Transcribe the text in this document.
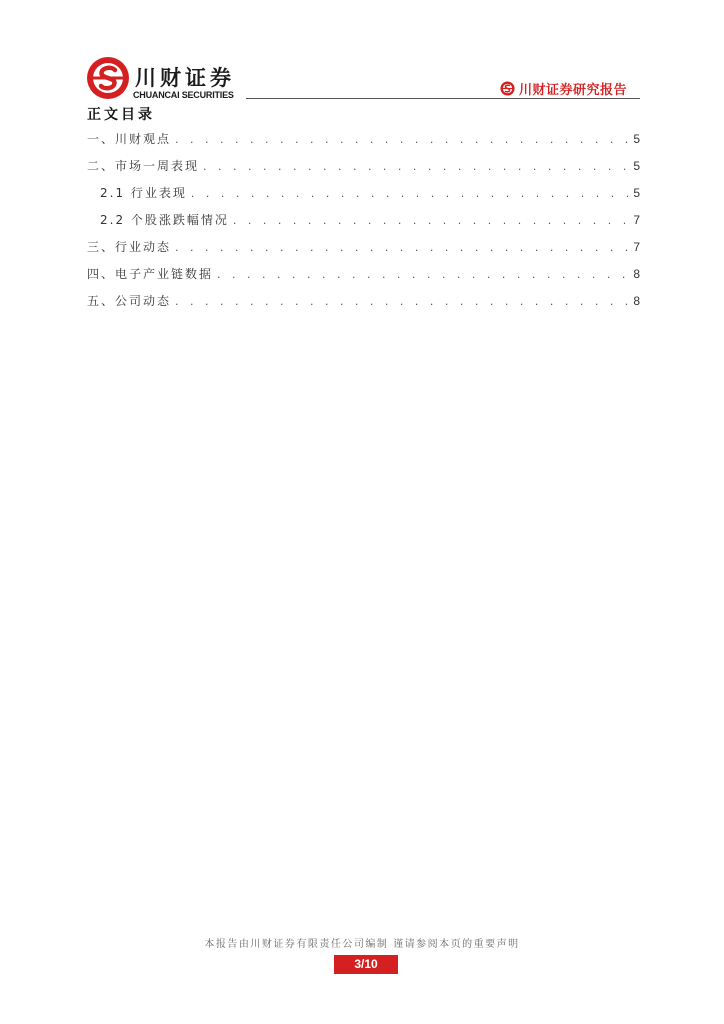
川财证券
CHUANCAI SECURITIES	川财证券研究报告
正文目录
一、川财观点 . . .	5
二、市场一周表现 . . .	5
2.1 行业表现 . . .	5
2.2 个股涨跌幅情况 . . .	7
三、行业动态 . . .	7
四、电子产业链数据 . . .	8
五、公司动态 . . .	8
本报告由川财证券有限责任公司编制 谨请参阅本页的重要声明
3/10
